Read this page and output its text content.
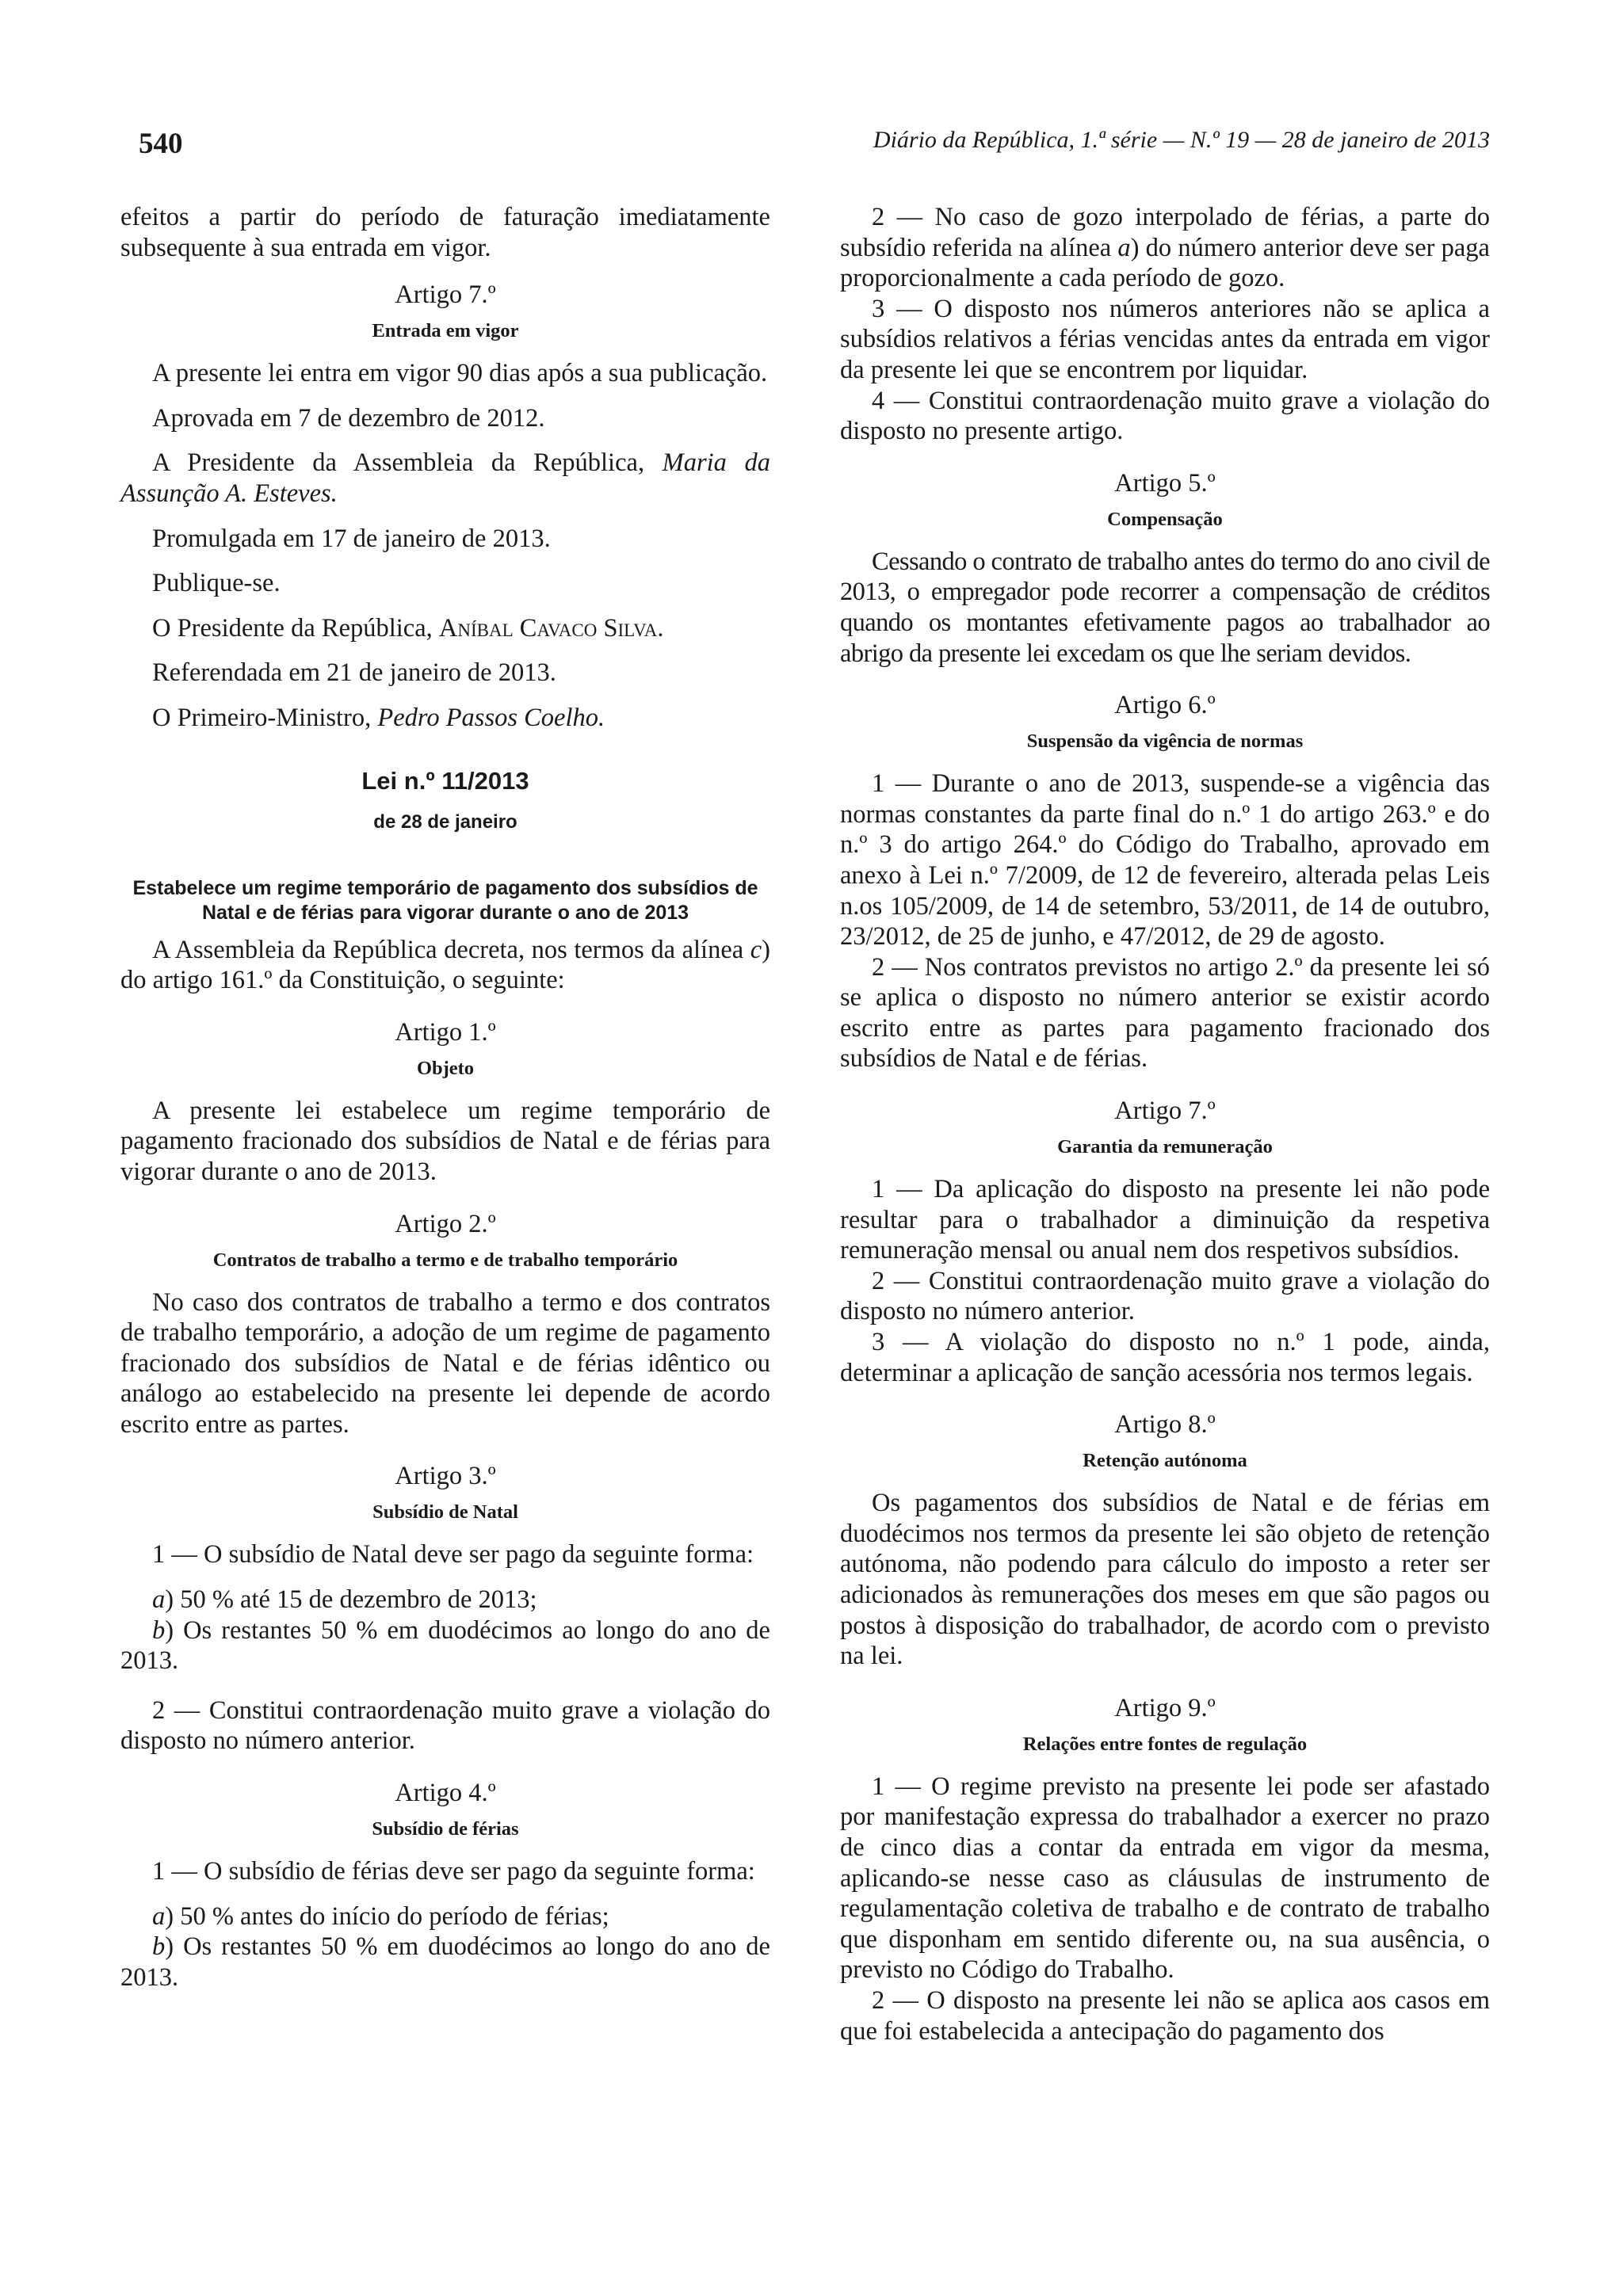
540	Diário da República, 1.ª série — N.º 19 — 28 de janeiro de 2013

efeitos a partir do período de faturação imediatamente subsequente à sua entrada em vigor.

Artigo 7.º
Entrada em vigor

A presente lei entra em vigor 90 dias após a sua publicação.

Aprovada em 7 de dezembro de 2012.

A Presidente da Assembleia da República, Maria da Assunção A. Esteves.

Promulgada em 17 de janeiro de 2013.

Publique-se.

O Presidente da República, Aníbal Cavaco Silva.

Referendada em 21 de janeiro de 2013.

O Primeiro-Ministro, Pedro Passos Coelho.

Lei n.º 11/2013
de 28 de janeiro
Estabelece um regime temporário de pagamento dos subsídios de Natal e de férias para vigorar durante o ano de 2013

A Assembleia da República decreta, nos termos da alínea c) do artigo 161.º da Constituição, o seguinte:

Artigo 1.º
Objeto

A presente lei estabelece um regime temporário de pagamento fracionado dos subsídios de Natal e de férias para vigorar durante o ano de 2013.

Artigo 2.º
Contratos de trabalho a termo e de trabalho temporário

No caso dos contratos de trabalho a termo e dos contratos de trabalho temporário, a adoção de um regime de pagamento fracionado dos subsídios de Natal e de férias idêntico ou análogo ao estabelecido na presente lei depende de acordo escrito entre as partes.

Artigo 3.º
Subsídio de Natal

1 — O subsídio de Natal deve ser pago da seguinte forma:

a) 50 % até 15 de dezembro de 2013;

b) Os restantes 50 % em duodécimos ao longo do ano de 2013.

2 — Constitui contraordenação muito grave a violação do disposto no número anterior.

Artigo 4.º
Subsídio de férias

1 — O subsídio de férias deve ser pago da seguinte forma:

a) 50 % antes do início do período de férias;

b) Os restantes 50 % em duodécimos ao longo do ano de 2013.

2 — No caso de gozo interpolado de férias, a parte do subsídio referida na alínea a) do número anterior deve ser paga proporcionalmente a cada período de gozo.

3 — O disposto nos números anteriores não se aplica a subsídios relativos a férias vencidas antes da entrada em vigor da presente lei que se encontrem por liquidar.

4 — Constitui contraordenação muito grave a violação do disposto no presente artigo.

Artigo 5.º
Compensação

Cessando o contrato de trabalho antes do termo do ano civil de 2013, o empregador pode recorrer a compensação de créditos quando os montantes efetivamente pagos ao trabalhador ao abrigo da presente lei excedam os que lhe seriam devidos.

Artigo 6.º
Suspensão da vigência de normas

1 — Durante o ano de 2013, suspende-se a vigência das normas constantes da parte final do n.º 1 do artigo 263.º e do n.º 3 do artigo 264.º do Código do Trabalho, aprovado em anexo à Lei n.º 7/2009, de 12 de fevereiro, alterada pelas Leis n.os 105/2009, de 14 de setembro, 53/2011, de 14 de outubro, 23/2012, de 25 de junho, e 47/2012, de 29 de agosto.

2 — Nos contratos previstos no artigo 2.º da presente lei só se aplica o disposto no número anterior se existir acordo escrito entre as partes para pagamento fracionado dos subsídios de Natal e de férias.

Artigo 7.º
Garantia da remuneração

1 — Da aplicação do disposto na presente lei não pode resultar para o trabalhador a diminuição da respetiva remuneração mensal ou anual nem dos respetivos subsídios.

2 — Constitui contraordenação muito grave a violação do disposto no número anterior.

3 — A violação do disposto no n.º 1 pode, ainda, determinar a aplicação de sanção acessória nos termos legais.

Artigo 8.º
Retenção autónoma

Os pagamentos dos subsídios de Natal e de férias em duodécimos nos termos da presente lei são objeto de retenção autónoma, não podendo para cálculo do imposto a reter ser adicionados às remunerações dos meses em que são pagos ou postos à disposição do trabalhador, de acordo com o previsto na lei.

Artigo 9.º
Relações entre fontes de regulação

1 — O regime previsto na presente lei pode ser afastado por manifestação expressa do trabalhador a exercer no prazo de cinco dias a contar da entrada em vigor da mesma, aplicando-se nesse caso as cláusulas de instrumento de regulamentação coletiva de trabalho e de contrato de trabalho que disponham em sentido diferente ou, na sua ausência, o previsto no Código do Trabalho.

2 — O disposto na presente lei não se aplica aos casos em que foi estabelecida a antecipação do pagamento dos
